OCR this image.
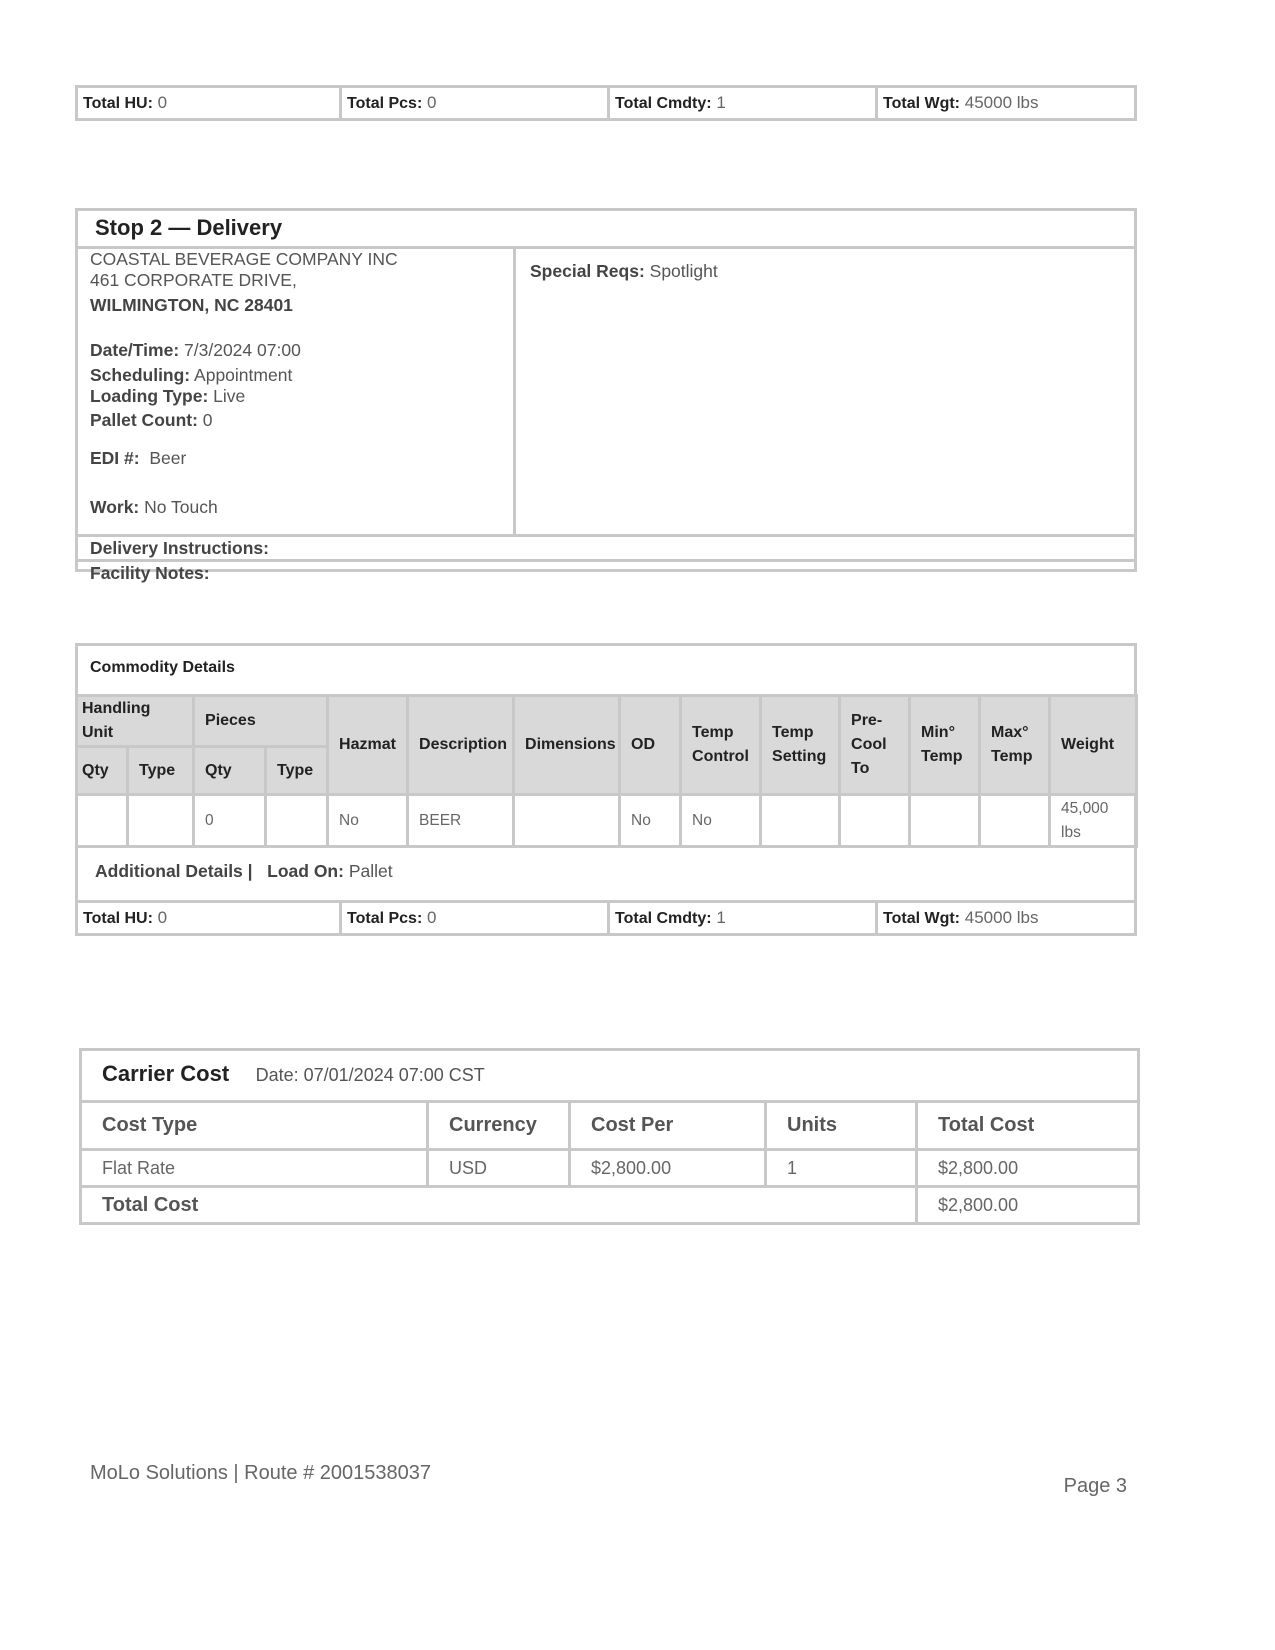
Total HU: 0	Total Pcs: 0	Total Cmdty: 1	Total Wgt: 45000 lbs
Stop 2 — Delivery
COASTAL BEVERAGE COMPANY INC
461 CORPORATE DRIVE,
WILMINGTON, NC 28401
Date/Time: 7/3/2024 07:00
Scheduling: Appointment
Loading Type: Live
Pallet Count: 0
EDI #: Beer
Work: No Touch
Special Reqs: Spotlight
Delivery Instructions:
Facility Notes:
Commodity Details
Handling Unit		Pieces		Hazmat	Description	Dimensions	OD	Temp Control	Temp Setting	Pre- Cool To	Min° Temp	Max° Temp	Weight
Qty	Type	Qty	Type										
		0		No	BEER		No	No					45,000 lbs
Additional Details | Load On: Pallet
Total HU: 0	Total Pcs: 0	Total Cmdty: 1	Total Wgt: 45000 lbs
Carrier Cost Date: 07/01/2024 07:00 CST
Cost Type	Currency	Cost Per	Units	Total Cost
Flat Rate	USD	$2,800.00	1	$2,800.00
Total Cost				$2,800.00
MoLo Solutions | Route # 2001538037
Page 3
